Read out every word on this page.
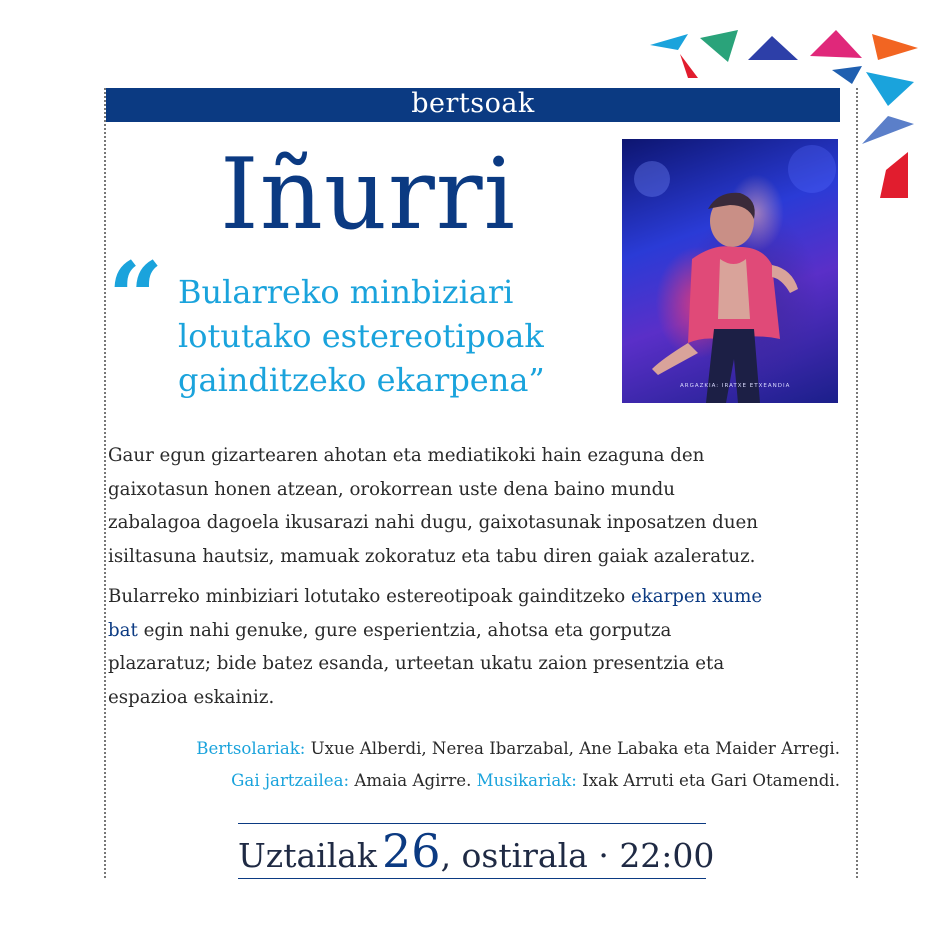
bertsoak
Iñurri
“ Bularreko minbiziari
lotutako estereotipoak
gainditzeko ekarpena”	ARGAZKIA: IRATXE ETXEANDIA
Gaur egun gizartearen ahotan eta mediatikoki hain ezaguna den
gaixotasun honen atzean, orokorrean uste dena baino mundu
zabalagoa dagoela ikusarazi nahi dugu, gaixotasunak inposatzen duen
isiltasuna hautsiz, mamuak zokoratuz eta tabu diren gaiak azaleratuz.
Bularreko minbiziari lotutako estereotipoak gainditzeko ekarpen xume
bat egin nahi genuke, gure esperientzia, ahotsa eta gorputza
plazaratuz; bide batez esanda, urteetan ukatu zaion presentzia eta
espazioa eskainiz.
Bertsolariak: Uxue Alberdi, Nerea Ibarzabal, Ane Labaka eta Maider Arregi.
Gai jartzailea: Amaia Agirre. Musikariak: Ixak Arruti eta Gari Otamendi.
Uztailak 26, ostirala · 22:00
